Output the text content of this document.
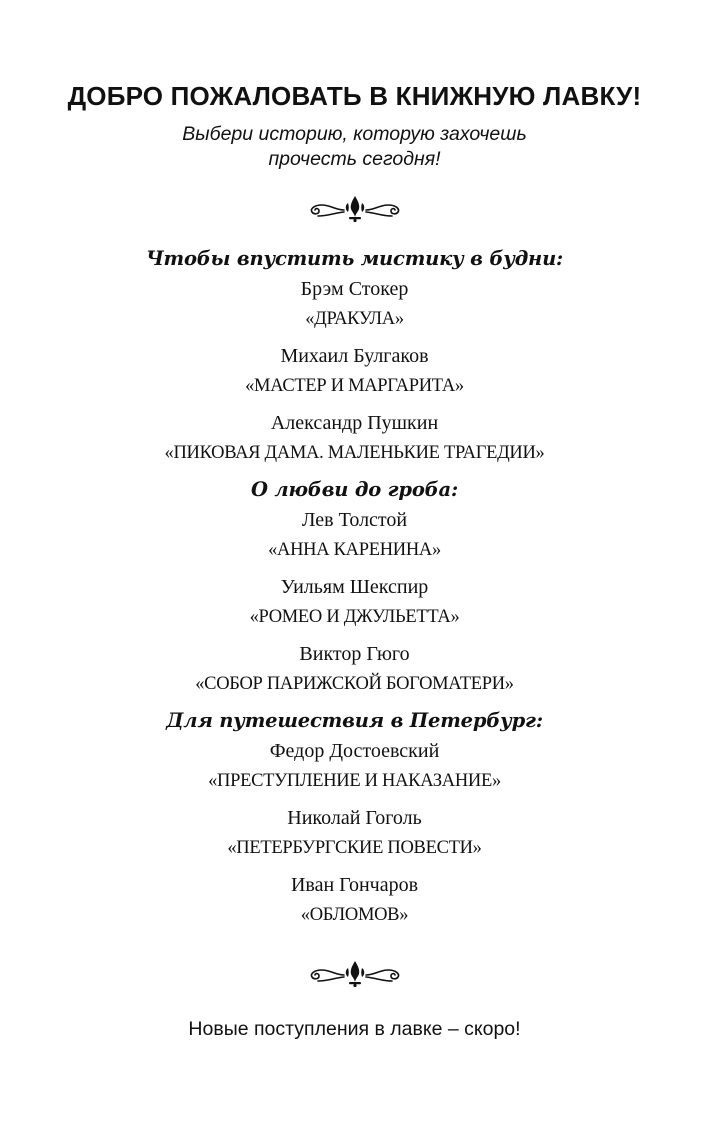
ДОБРО ПОЖАЛОВАТЬ В КНИЖНУЮ ЛАВКУ!
Выбери историю, которую захочешь
прочесть сегодня!
Чтобы впустить мистику в будни:
Брэм Стокер
«ДРАКУЛА»
Михаил Булгаков
«МАСТЕР И МАРГАРИТА»
Александр Пушкин
«ПИКОВАЯ ДАМА. МАЛЕНЬКИЕ ТРАГЕДИИ»
О любви до гроба:
Лев Толстой
«АННА КАРЕНИНА»
Уильям Шекспир
«РОМЕО И ДЖУЛЬЕТТА»
Виктор Гюго
«СОБОР ПАРИЖСКОЙ БОГОМАТЕРИ»
Для путешествия в Петербург:
Федор Достоевский
«ПРЕСТУПЛЕНИЕ И НАКАЗАНИЕ»
Николай Гоголь
«ПЕТЕРБУРГСКИЕ ПОВЕСТИ»
Иван Гончаров
«ОБЛОМОВ»
Новые поступления в лавке – скоро!
